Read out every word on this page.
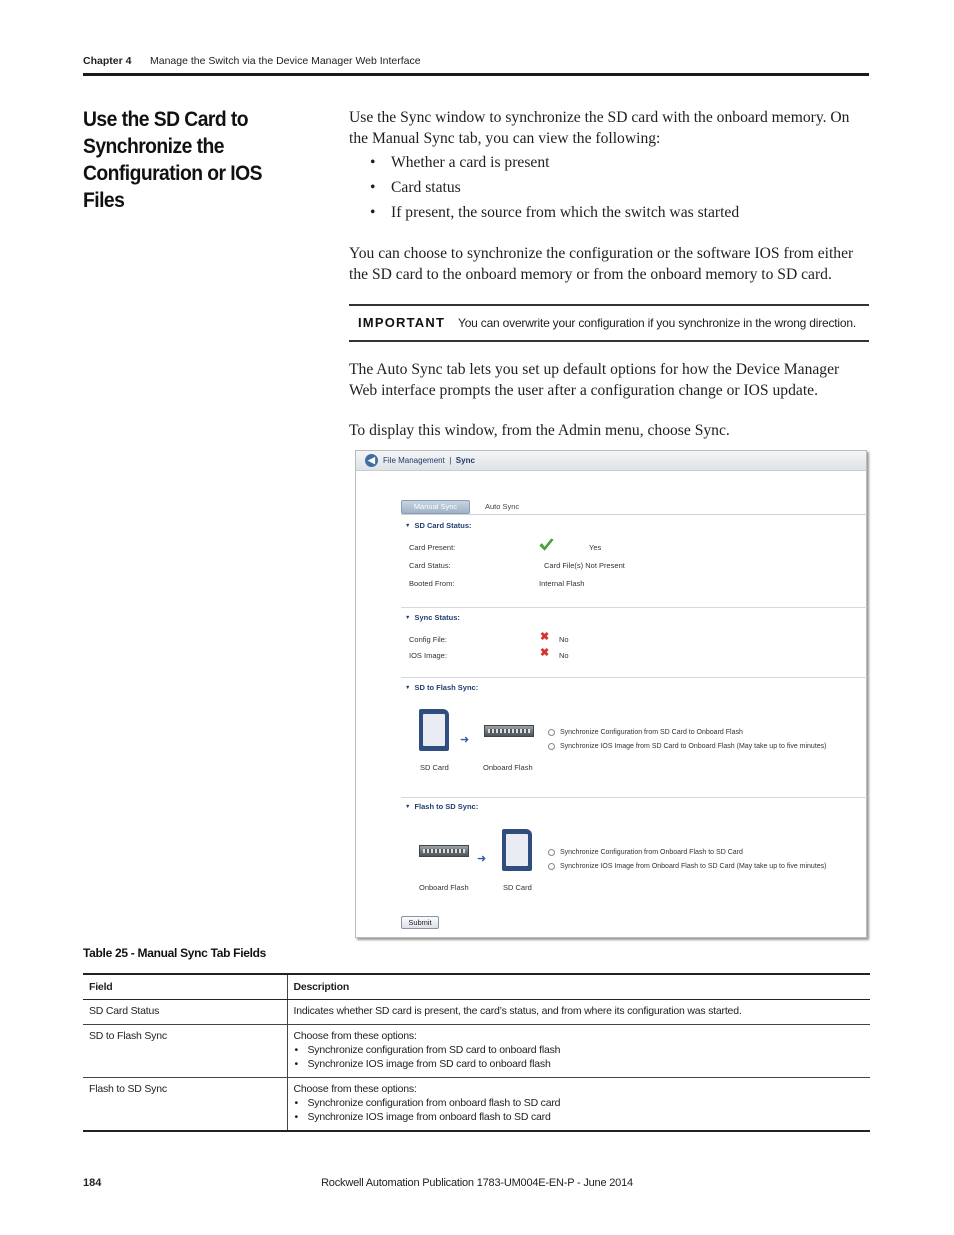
Chapter 4 Manage the Switch via the Device Manager Web Interface
Use the SD Card to Synchronize the Configuration or IOS Files
Use the Sync window to synchronize the SD card with the onboard memory. On the Manual Sync tab, you can view the following:
• Whether a card is present
• Card status
• If present, the source from which the switch was started
You can choose to synchronize the configuration or the software IOS from either the SD card to the onboard memory or from the onboard memory to SD card.
IMPORTANT You can overwrite your configuration if you synchronize in the wrong direction.
The Auto Sync tab lets you set up default options for how the Device Manager Web interface prompts the user after a configuration change or IOS update.
To display this window, from the Admin menu, choose Sync.
◀	File Management | Sync
Manual Sync	Auto Sync
▼ SD Card Status:
Card Present:	Yes
Card Status:	Card File(s) Not Present
Booted From:	Internal Flash
▼ Sync Status:
Config File:	✖ No
IOS Image:	✖ No
▼ SD to Flash Sync:
➜
SD Card	Onboard Flash
Synchronize Configuration from SD Card to Onboard Flash
Synchronize IOS Image from SD Card to Onboard Flash (May take up to five minutes)
▼ Flash to SD Sync:
➜
Onboard Flash	SD Card
Synchronize Configuration from Onboard Flash to SD Card
Synchronize IOS Image from Onboard Flash to SD Card (May take up to five minutes)
Submit
Table 25 - Manual Sync Tab Fields
Field	Description
SD Card Status	Indicates whether SD card is present, the card’s status, and from where its configuration was started.

SD to Flash Sync	Choose from these options:
• Synchronize configuration from SD card to onboard flash
• Synchronize IOS image from SD card to onboard flash

Flash to SD Sync	Choose from these options:
• Synchronize configuration from onboard flash to SD card
• Synchronize IOS image from onboard flash to SD card
184	Rockwell Automation Publication 1783-UM004E-EN-P - June 2014
